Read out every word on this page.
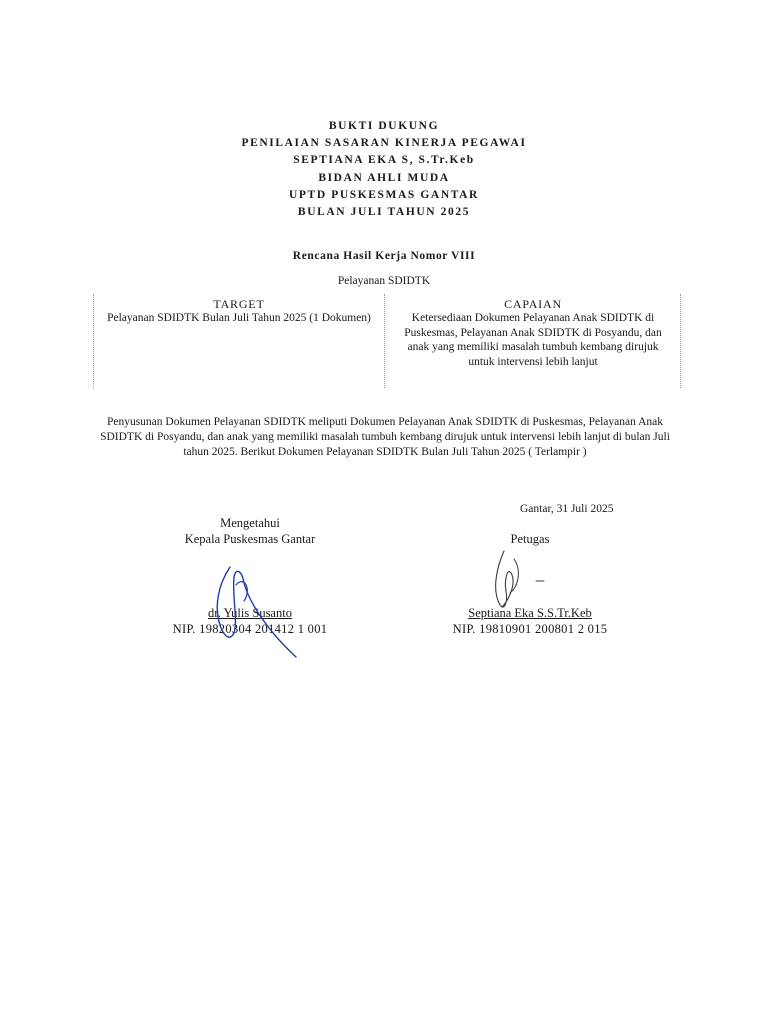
BUKTI DUKUNG
PENILAIAN SASARAN KINERJA PEGAWAI
SEPTIANA EKA S, S.Tr.Keb
BIDAN AHLI MUDA
UPTD PUSKESMAS GANTAR
BULAN JULI TAHUN 2025
Rencana Hasil Kerja Nomor VIII
Pelayanan SDIDTK
TARGET
Pelayanan SDIDTK Bulan Juli Tahun 2025 (1 Dokumen)
CAPAIAN
Ketersediaan Dokumen Pelayanan Anak SDIDTK di Puskesmas, Pelayanan Anak SDIDTK di Posyandu, dan anak yang memiliki masalah tumbuh kembang dirujuk untuk intervensi lebih lanjut
Penyusunan Dokumen Pelayanan SDIDTK meliputi Dokumen Pelayanan Anak SDIDTK di Puskesmas, Pelayanan Anak SDIDTK di Posyandu, dan anak yang memiliki masalah tumbuh kembang dirujuk untuk intervensi lebih lanjut di bulan Juli tahun 2025. Berikut Dokumen Pelayanan SDIDTK Bulan Juli Tahun 2025 ( Terlampir )
Gantar, 31 Juli 2025
Mengetahui
Kepala Puskesmas Gantar
dr. Yulis Susanto
NIP. 19820304 201412 1 001
Petugas
Septiana Eka S.S.Tr.Keb
NIP. 19810901 200801 2 015
